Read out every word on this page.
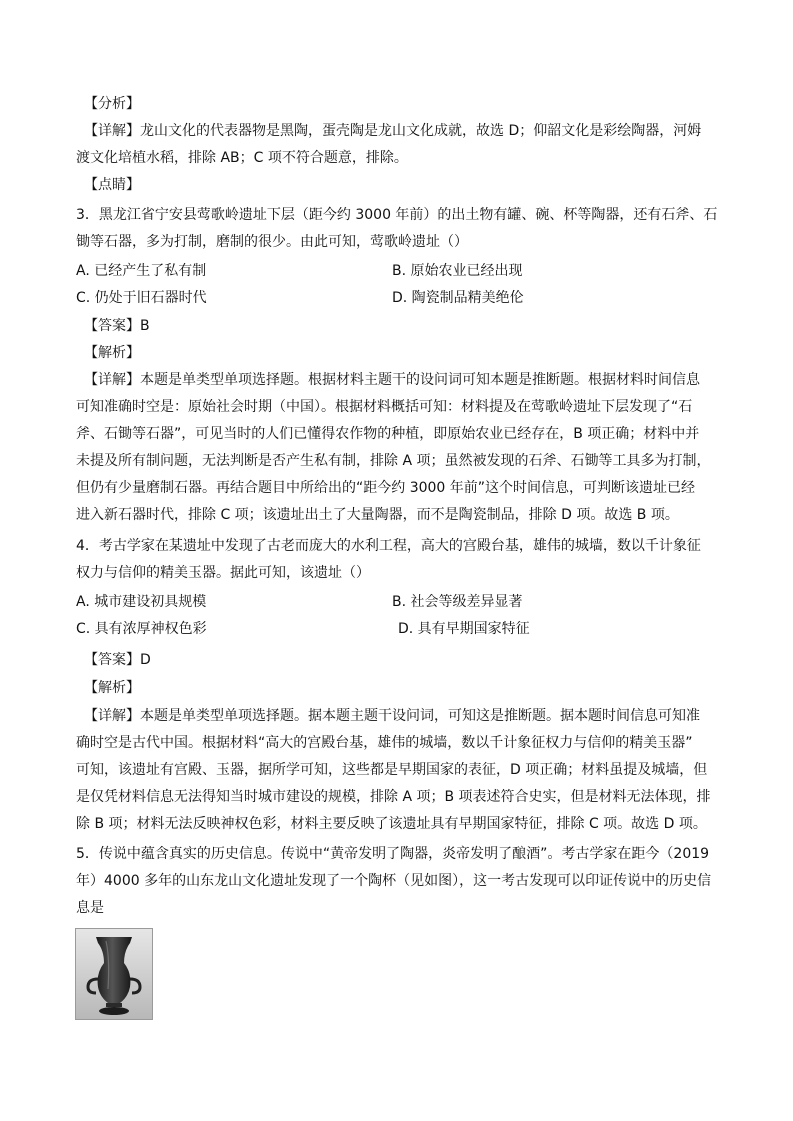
【分析】
【详解】龙山文化的代表器物是黑陶，蛋壳陶是龙山文化成就，故选 D；仰韶文化是彩绘陶器，河姆
渡文化培植水稻，排除 AB；C 项不符合题意，排除。
【点睛】
3．黑龙江省宁安县莺歌岭遗址下层（距今约 3000 年前）的出土物有罐、碗、杯等陶器，还有石斧、石
锄等石器，多为打制，磨制的很少。由此可知，莺歌岭遗址（）
A. 已经产生了私有制	B. 原始农业已经出现
C. 仍处于旧石器时代	D. 陶瓷制品精美绝伦
【答案】B
【解析】
【详解】本题是单类型单项选择题。根据材料主题干的设问词可知本题是推断题。根据材料时间信息
可知准确时空是：原始社会时期（中国）。根据材料概括可知：材料提及在莺歌岭遗址下层发现了“石
斧、石锄等石器”，可见当时的人们已懂得农作物的种植，即原始农业已经存在，B 项正确；材料中并
未提及所有制问题，无法判断是否产生私有制，排除 A 项；虽然被发现的石斧、石锄等工具多为打制，
但仍有少量磨制石器。再结合题目中所给出的“距今约 3000 年前”这个时间信息，可判断该遗址已经
进入新石器时代，排除 C 项；该遗址出土了大量陶器，而不是陶瓷制品，排除 D 项。故选 B 项。
4．考古学家在某遗址中发现了古老而庞大的水利工程，高大的宫殿台基，雄伟的城墙，数以千计象征
权力与信仰的精美玉器。据此可知，该遗址（）
A. 城市建设初具规模	B. 社会等级差异显著
C. 具有浓厚神权色彩	D. 具有早期国家特征
【答案】D
【解析】
【详解】本题是单类型单项选择题。据本题主题干设问词，可知这是推断题。据本题时间信息可知准
确时空是古代中国。根据材料“高大的宫殿台基，雄伟的城墙，数以千计象征权力与信仰的精美玉器”
可知，该遗址有宫殿、玉器，据所学可知，这些都是早期国家的表征，D 项正确；材料虽提及城墙，但
是仅凭材料信息无法得知当时城市建设的规模，排除 A 项；B 项表述符合史实，但是材料无法体现，排
除 B 项；材料无法反映神权色彩，材料主要反映了该遗址具有早期国家特征，排除 C 项。故选 D 项。
5．传说中蕴含真实的历史信息。传说中“黄帝发明了陶器，炎帝发明了酿酒”。考古学家在距今（2019
年）4000 多年的山东龙山文化遗址发现了一个陶杯（见如图），这一考古发现可以印证传说中的历史信
息是
